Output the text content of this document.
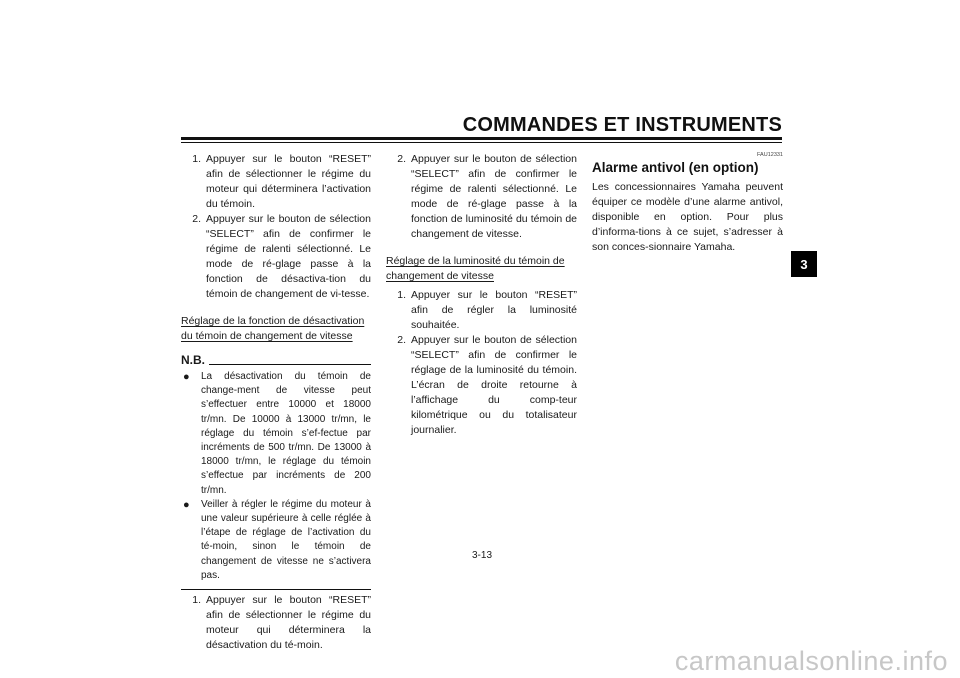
COMMANDES ET INSTRUMENTS
3
1. Appuyer sur le bouton “RESET” afin de sélectionner le régime du moteur qui déterminera l’activation du témoin.
2. Appuyer sur le bouton de sélection “SELECT” afin de confirmer le régime de ralenti sélectionné. Le mode de ré-glage passe à la fonction de désactiva-tion du témoin de changement de vi-tesse.
Réglage de la fonction de désactivation du témoin de changement de vitesse
N.B.
●	La désactivation du témoin de change-ment de vitesse peut s’effectuer entre 10000 et 18000 tr/mn. De 10000 à 13000 tr/mn, le réglage du témoin s’ef-fectue par incréments de 500 tr/mn. De 13000 à 18000 tr/mn, le réglage du témoin s’effectue par incréments de 200 tr/mn.
●	Veiller à régler le régime du moteur à une valeur supérieure à celle réglée à l’étape de réglage de l’activation du té-moin, sinon le témoin de changement de vitesse ne s’activera pas.
1. Appuyer sur le bouton “RESET” afin de sélectionner le régime du moteur qui déterminera la désactivation du té-moin.
2. Appuyer sur le bouton de sélection “SELECT” afin de confirmer le régime de ralenti sélectionné. Le mode de ré-glage passe à la fonction de luminosité du témoin de changement de vitesse.
Réglage de la luminosité du témoin de changement de vitesse
1. Appuyer sur le bouton “RESET” afin de régler la luminosité souhaitée.
2. Appuyer sur le bouton de sélection “SELECT” afin de confirmer le réglage de la luminosité du témoin. L’écran de droite retourne à l’affichage du comp-teur kilométrique ou du totalisateur journalier.
FAU12331
Alarme antivol (en option)
Les concessionnaires Yamaha peuvent équiper ce modèle d’une alarme antivol, disponible en option. Pour plus d’informa-tions à ce sujet, s’adresser à son conces-sionnaire Yamaha.
3-13
carmanualsonline.info
